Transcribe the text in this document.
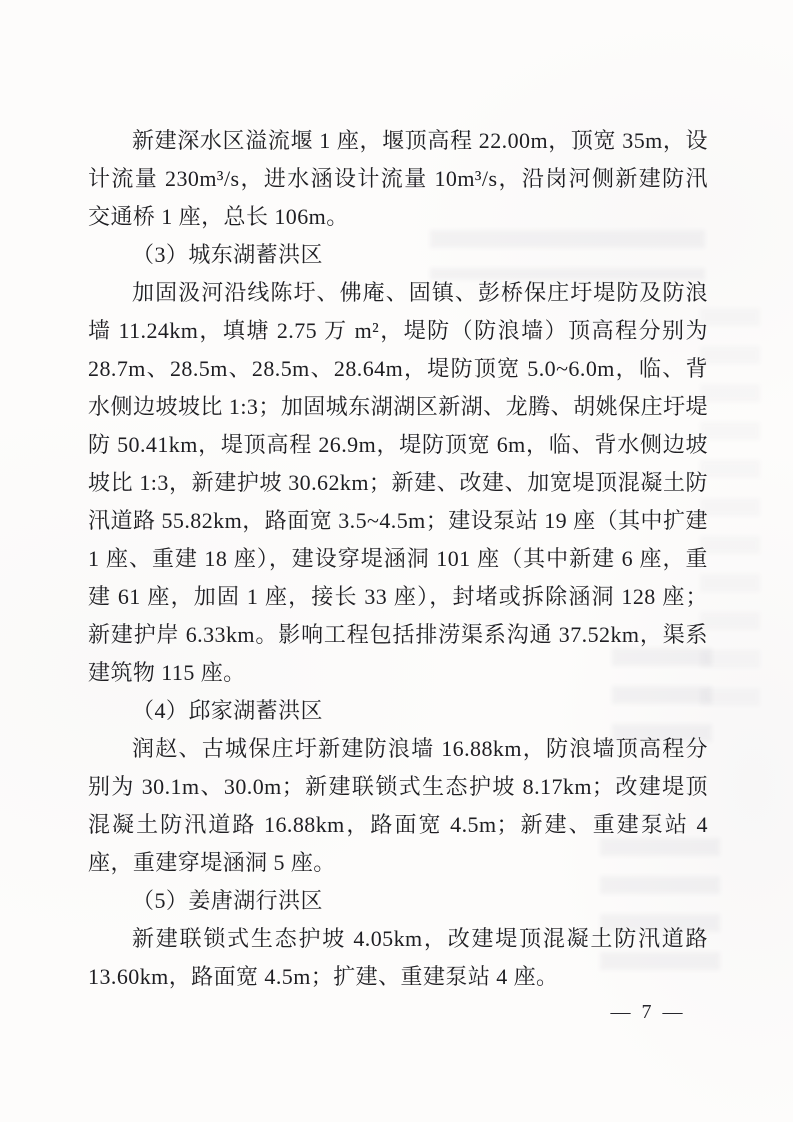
新建深水区溢流堰 1 座，堰顶高程 22.00m，顶宽 35m，设计流量 230m³/s，进水涵设计流量 10m³/s，沿岗河侧新建防汛交通桥 1 座，总长 106m。

（3）城东湖蓄洪区

加固汲河沿线陈圩、佛庵、固镇、彭桥保庄圩堤防及防浪墙 11.24km，填塘 2.75 万 m²，堤防（防浪墙）顶高程分别为 28.7m、28.5m、28.5m、28.64m，堤防顶宽 5.0~6.0m，临、背水侧边坡坡比 1:3；加固城东湖湖区新湖、龙腾、胡姚保庄圩堤防 50.41km，堤顶高程 26.9m，堤防顶宽 6m，临、背水侧边坡坡比 1:3，新建护坡 30.62km；新建、改建、加宽堤顶混凝土防汛道路 55.82km，路面宽 3.5~4.5m；建设泵站 19 座（其中扩建 1 座、重建 18 座），建设穿堤涵洞 101 座（其中新建 6 座，重建 61 座，加固 1 座，接长 33 座），封堵或拆除涵洞 128 座；新建护岸 6.33km。影响工程包括排涝渠系沟通 37.52km，渠系建筑物 115 座。

（4）邱家湖蓄洪区

润赵、古城保庄圩新建防浪墙 16.88km，防浪墙顶高程分别为 30.1m、30.0m；新建联锁式生态护坡 8.17km；改建堤顶混凝土防汛道路 16.88km，路面宽 4.5m；新建、重建泵站 4 座，重建穿堤涵洞 5 座。

（5）姜唐湖行洪区

新建联锁式生态护坡 4.05km，改建堤顶混凝土防汛道路 13.60km，路面宽 4.5m；扩建、重建泵站 4 座。

— 7 —
